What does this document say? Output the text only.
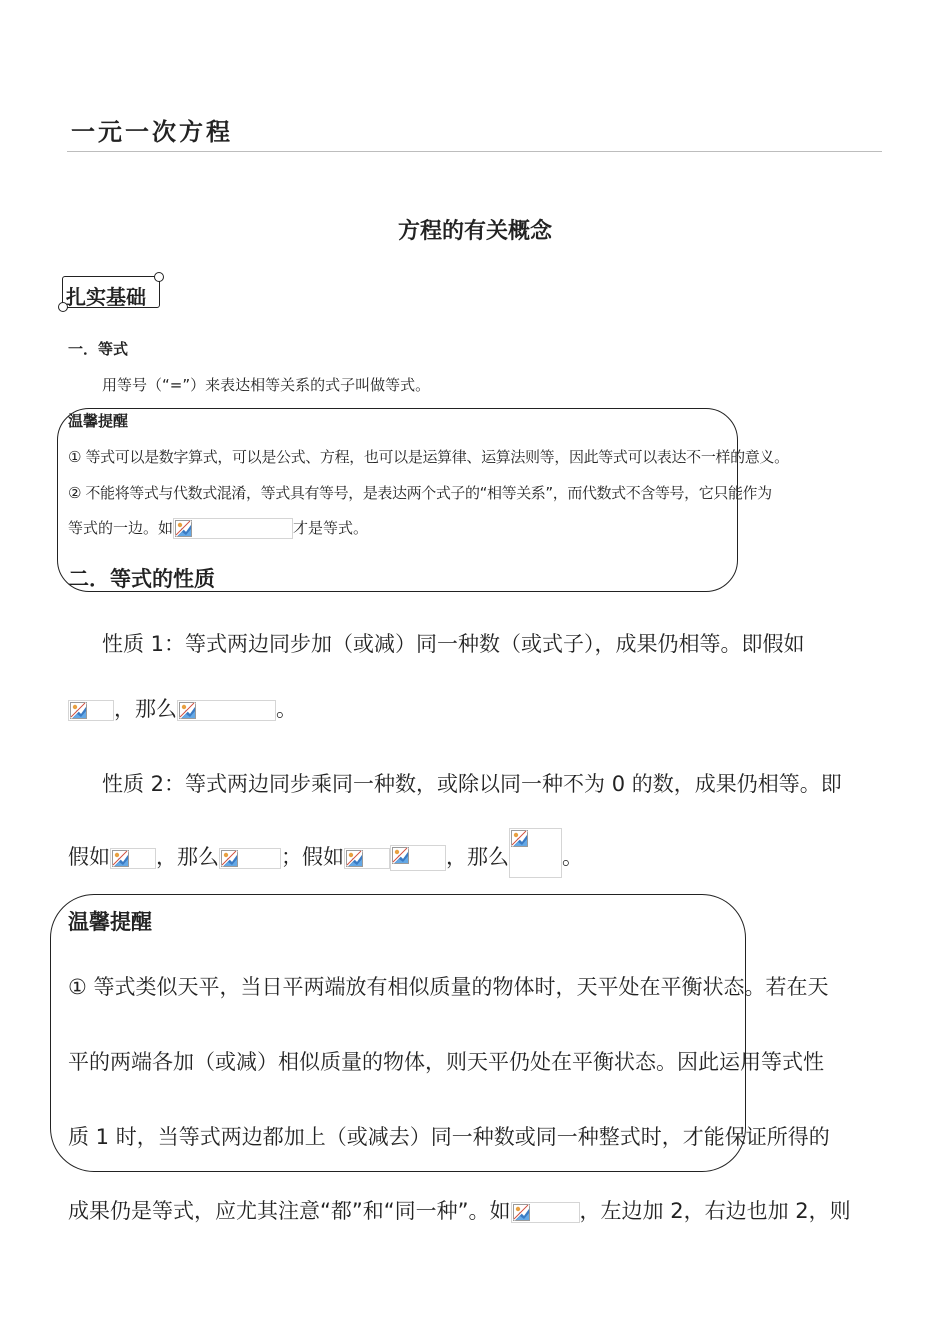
一元一次方程
方程的有关概念
扎实基础
一．等式
用等号（“=”）来表达相等关系的式子叫做等式。
温馨提醒
① 等式可以是数字算式，可以是公式、方程，也可以是运算律、运算法则等，因此等式可以表达不一样的意义。
② 不能将等式与代数式混淆，等式具有等号，是表达两个式子的“相等关系”，而代数式不含等号，它只能作为
等式的一边。如	才是等式。
二．等式的性质
性质 1：等式两边同步加（或减）同一种数（或式子），成果仍相等。即假如
，那么	。
性质 2：等式两边同步乘同一种数，或除以同一种不为 0 的数，成果仍相等。即
假如 ，那么	；假如	，那么	。
温馨提醒
① 等式类似天平，当日平两端放有相似质量的物体时，天平处在平衡状态。若在天
平的两端各加（或减）相似质量的物体，则天平仍处在平衡状态。因此运用等式性
质 1 时，当等式两边都加上（或减去）同一种数或同一种整式时，才能保证所得的
成果仍是等式，应尤其注意“都”和“同一种”。如	，左边加 2，右边也加 2，则
